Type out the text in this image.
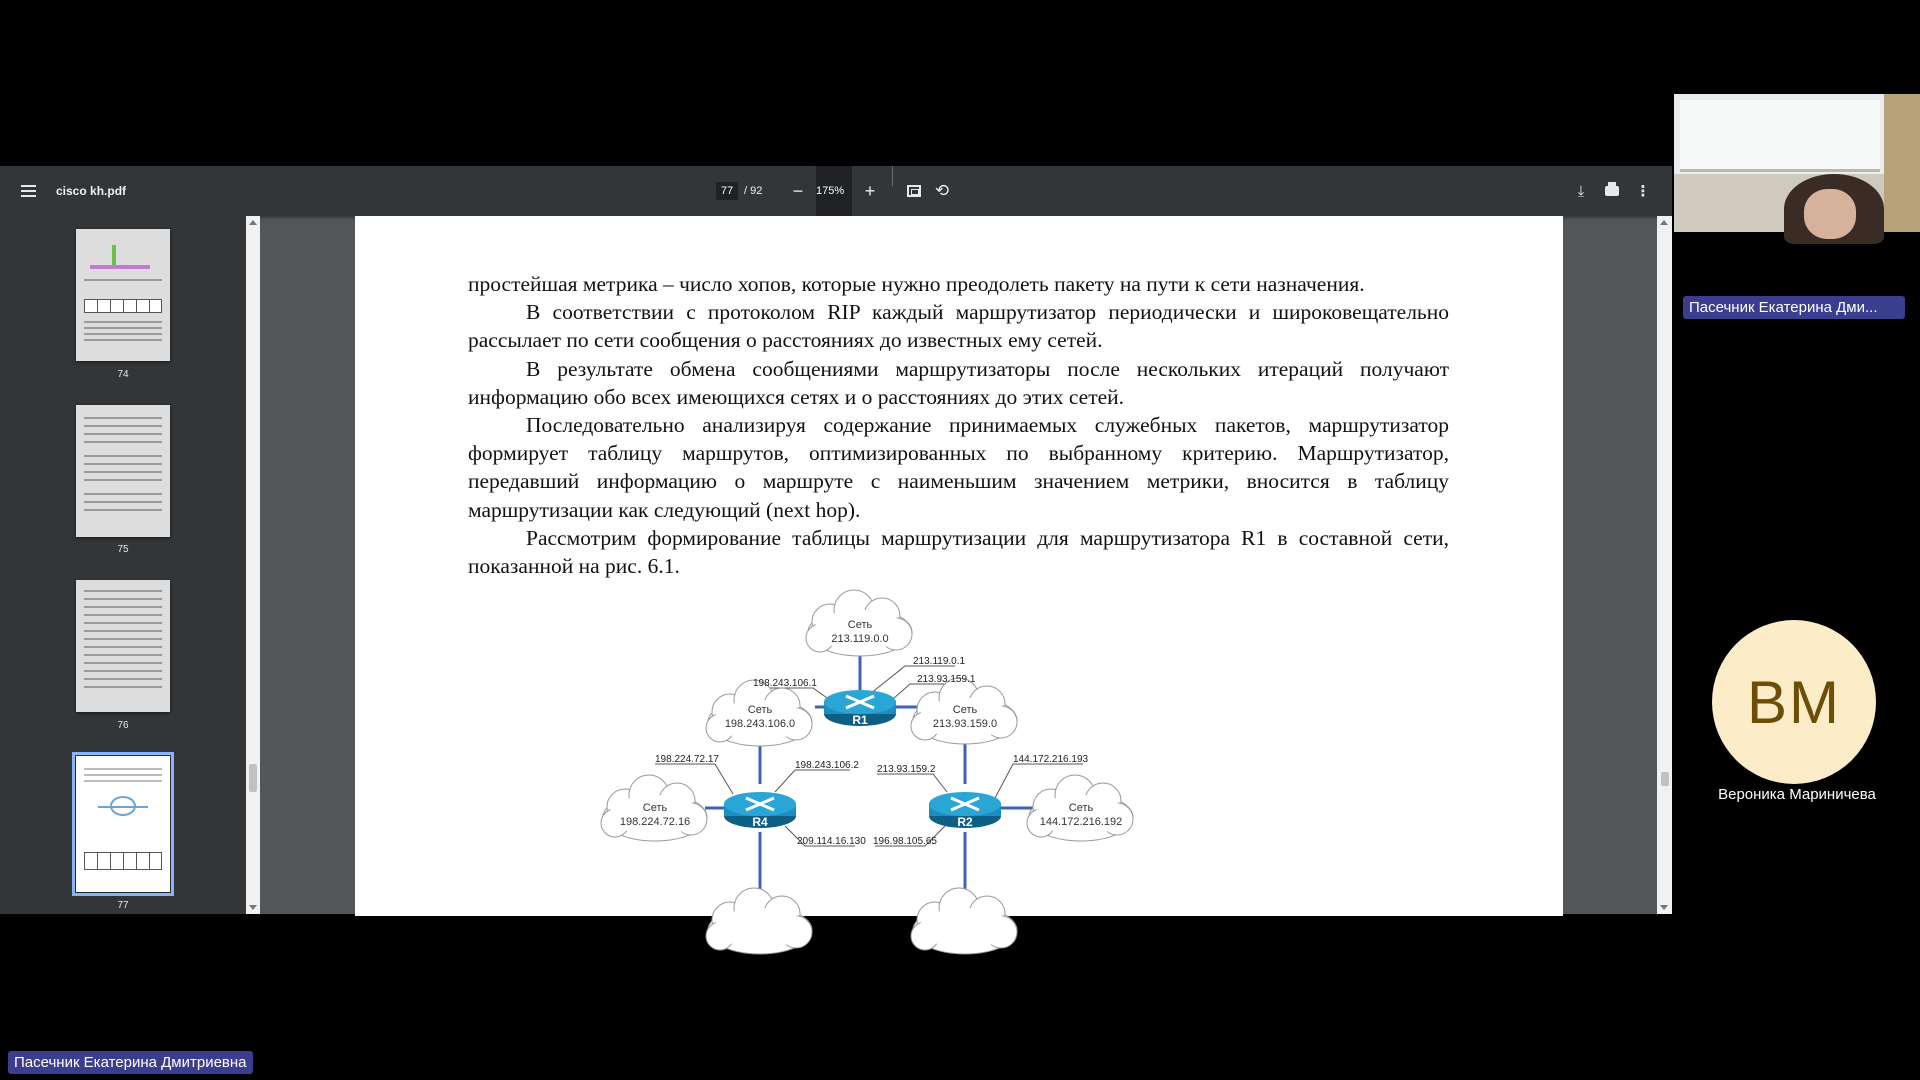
cisco kh.pdf	77 / 92 −	175%	+	⟲	⤓	⋮
74
75
76
77

простейшая метрика – число хопов, которые нужно преодолеть пакету на пути к сети назначения.

В соответствии с протоколом RIP каждый маршрутизатор периодически и широковещательно рассылает по сети сообщения о расстояниях до известных ему сетей.

В результате обмена сообщениями маршрутизаторы после нескольких итераций получают информацию обо всех имеющихся сетях и о расстояниях до этих сетей.

Последовательно анализируя содержание принимаемых служебных пакетов, маршрутизатор формирует таблицу маршрутов, оптимизированных по выбранному критерию. Маршрутизатор, передавший информацию о маршруте с наименьшим значением метрики, вносится в таблицу маршрутизации как следующий (next hop).

Рассмотрим формирование таблицы маршрутизации для маршрутизатора R1 в составной сети, показанной на рис. 6.1.

Сеть
213.119.0.0
Сеть
198.243.106.0
Сеть
213.93.159.0
Сеть
198.224.72.16
Сеть
144.172.216.192
R1
R4	R2
213.119.0.1
213.93.159.1
198.243.106.1
198.224.72.17
198.243.106.2 213.93.159.2
144.172.216.193
209.114.16.130 196.98.105.65
Пасечник Екатерина Дми...
ВМ
Вероника Мариничева
Пасечник Екатерина Дмитриевна
